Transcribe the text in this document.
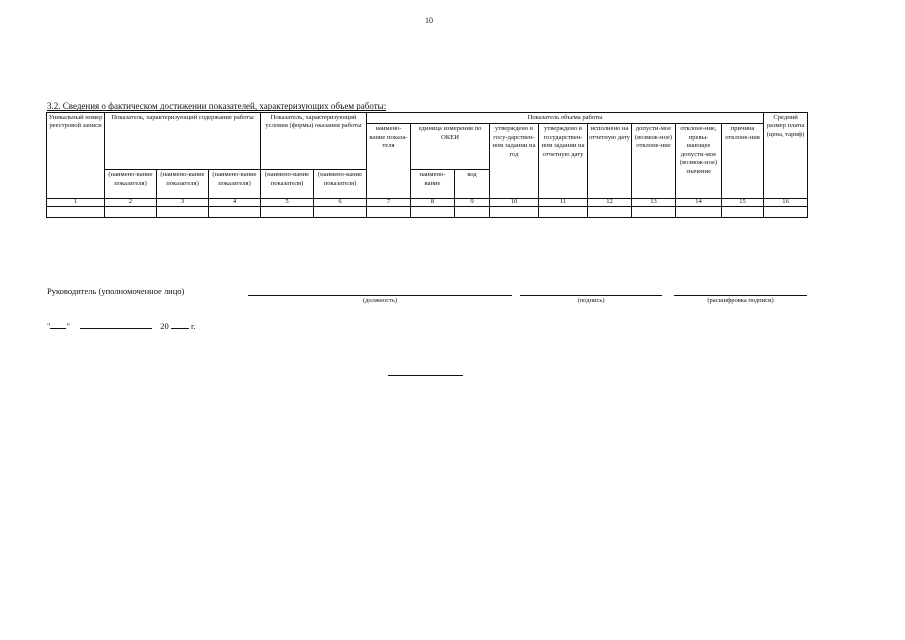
10
3.2. Сведения о фактическом достижении показателей, характеризующих объем работы:
Уникальный номер реестровой записи	Показатель, характеризующий содержание работы			Показатель, характеризующий условия (формы) оказания работы		Показатель объема работы									Средний размер платы (цена, тариф)
						наимено-вание показа-теля	единица измерения по ОКЕИ		утверждено в госу-дарствен-ном задании на год	утверждено в государствен-ном задании на отчетную дату	исполнено на отчетную дату	допусти-мое (возмож-ное) отклоне-ние	отклоне-ние, превы-шающее допусти-мое (возмож-ное) значение	причина отклоне-ния	
							наимено-вание	код							
	(наимено-вание показателя)	(наимено-вание показателя)	(наимено-вание показателя)	(наимено-вание показателя)	(наимено-вание показателя)										
1	2	3	4	5	6	7	8	9	10	11	12	13	14	15	16

Руководитель (уполномоченное лицо)
(должность)	(подпись)	(расшифровка подписи)
" "	20	г.
